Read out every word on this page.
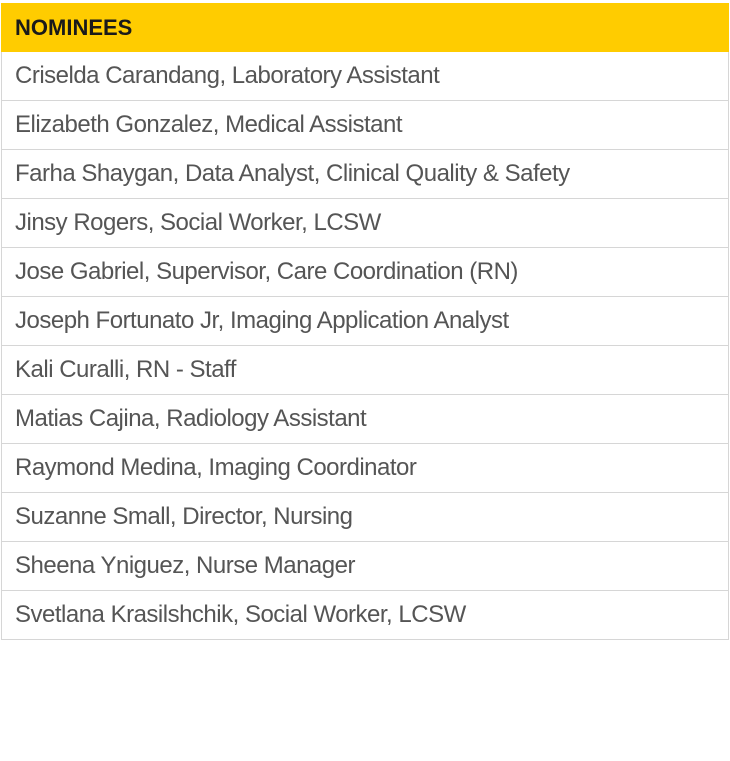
NOMINEES
Criselda Carandang, Laboratory Assistant
Elizabeth Gonzalez, Medical Assistant
Farha Shaygan, Data Analyst, Clinical Quality & Safety
Jinsy Rogers, Social Worker, LCSW
Jose Gabriel, Supervisor, Care Coordination (RN)
Joseph Fortunato Jr, Imaging Application Analyst
Kali Curalli, RN - Staff
Matias Cajina, Radiology Assistant
Raymond Medina, Imaging Coordinator
Suzanne Small, Director, Nursing
Sheena Yniguez, Nurse Manager
Svetlana Krasilshchik, Social Worker, LCSW
